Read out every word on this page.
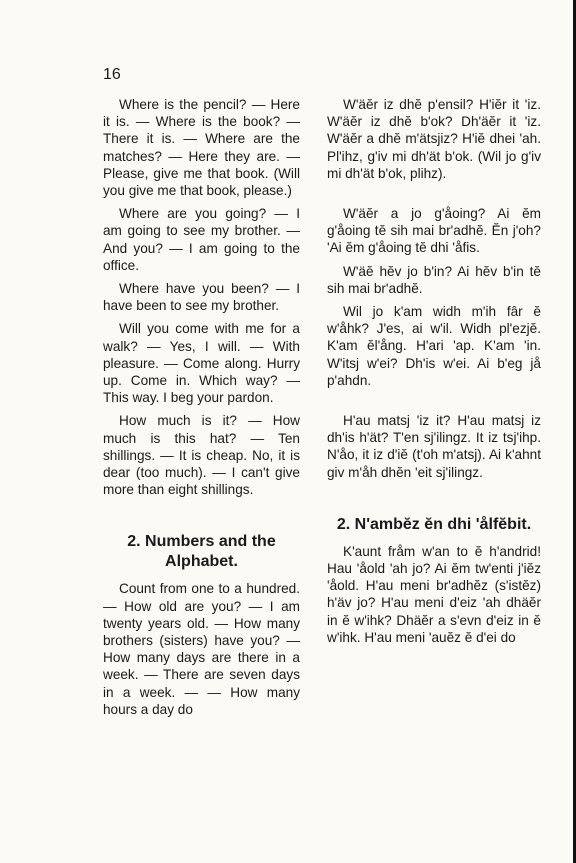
16

Where is the pencil? — Here it is. — Where is the book? — There it is. — Where are the matches? — Here they are. — Please, give me that book. (Will you give me that book, please.)

Where are you going? — I am going to see my brother. — And you? — I am going to the office.

Where have you been? — I have been to see my brother.

Will you come with me for a walk? — Yes, I will. — With pleasure. — Come along. Hurry up. Come in. Which way? — This way. I beg your pardon.

How much is it? — How much is this hat? — Ten shillings. — It is cheap. No, it is dear (too much). — I can't give more than eight shillings.

2. Numbers and the Alphabet.

Count from one to a hundred. — How old are you? — I am twenty years old. — How many brothers (sisters) have you? — How many days are there in a week. — There are seven days in a week. — — How many hours a day do

W'äĕr iz dhĕ p'ensil? H'iĕr it 'iz. W'äĕr iz dhĕ b'ok? Dh'äĕr it 'iz. W'äĕr a dhĕ m'ätsjiz? H'iĕ dhei 'ah. Pl'ihz, g'iv mi dh'ät b'ok. (Wil jo g'iv mi dh'ät b'ok, plihz).

W'äĕr a jo g'åoing? Ai ĕm g'åoing tĕ sih mai br'adhĕ. Ĕn j'oh? 'Ai ĕm g'åoing tĕ dhi 'åfis.

W'äĕ hĕv jo b'in? Ai hĕv b'in tĕ sih mai br'adhĕ.

Wil jo k'am widh m'ih fâr ĕ w'åhk? J'es, ai w'il. Widh pl'ezjĕ. K'am ĕl'ång. H'ari 'ap. K'am 'in. W'itsj w'ei? Dh'is w'ei. Ai b'eg jå p'ahdn.

H'au matsj 'iz it? H'au matsj iz dh'is h'ät? T'en sj'ilingz. It iz tsj'ihp. N'åo, it iz d'iĕ (t'oh m'atsj). Ai k'ahnt giv m'åh dhĕn 'eit sj'ilingz.

2. N'ambĕz ĕn dhi 'ålfĕbit.

K'aunt fråm w'an to ĕ h'andrid! Hau 'åold 'ah jo? Ai ĕm tw'enti j'iĕz 'åold. H'au meni br'adhĕz (s'istĕz) h'äv jo? H'au meni d'eiz 'ah dhäĕr in ĕ w'ihk? Dhäĕr a s'evn d'eiz in ĕ w'ihk. H'au meni 'auĕz ĕ d'ei do
